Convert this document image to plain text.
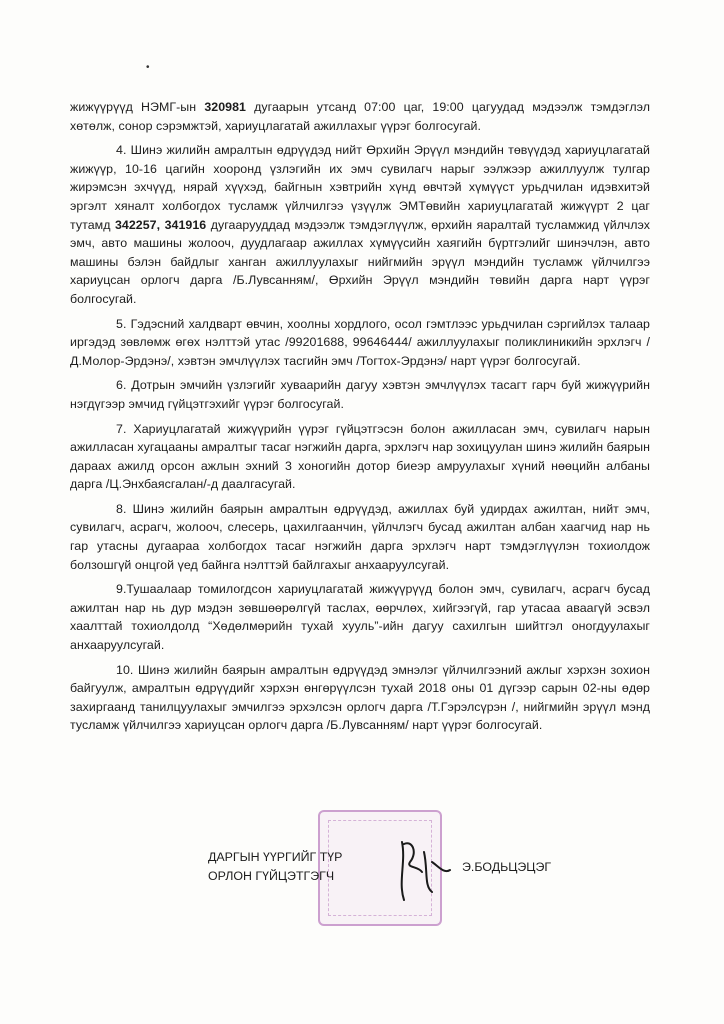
•

жижүүрүүд НЭМГ-ын 320981 дугаарын утсанд 07:00 цаг, 19:00 цагуудад мэдээлж тэмдэглэл хөтөлж, сонор сэрэмжтэй, хариуцлагатай ажиллахыг үүрэг болгосугай.

4. Шинэ жилийн амралтын өдрүүдэд нийт Өрхийн Эрүүл мэндийн төвүүдэд хариуцлагатай жижүүр, 10-16 цагийн хооронд үзлэгийн их эмч сувилагч нарыг ээлжээр ажиллуулж тулгар жирэмсэн эхчүүд, нярай хүүхэд, байгнын хэвтрийн хүнд өвчтэй хүмүүст урьдчилан идэвхитэй эргэлт хяналт холбогдох тусламж үйлчилгээ үзүүлж ЭМТөвийн хариуцлагатай жижүүрт 2 цаг тутамд 342257, 341916 дугаарууддад мэдээлж тэмдэглүүлж, өрхийн яаралтай тусламжид үйлчлэх эмч, авто машины жолооч, дуудлагаар ажиллах хүмүүсийн хаягийн бүртгэлийг шинэчлэн, авто машины бэлэн байдлыг ханган ажиллуулахыг нийгмийн эрүүл мэндийн тусламж үйлчилгээ хариуцсан орлогч дарга /Б.Лувсанням/, Өрхийн Эрүүл мэндийн төвийн дарга нарт үүрэг болгосугай.

5. Гэдэсний халдварт өвчин, хоолны хордлого, осол гэмтлээс урьдчилан сэргийлэх талаар иргэдэд зөвлөмж өгөх нэлттэй утас /99201688, 99646444/ ажиллуулахыг поликлиникийн эрхлэгч /Д.Молор-Эрдэнэ/, хэвтэн эмчлүүлэх тасгийн эмч /Тогтох-Эрдэнэ/ нарт үүрэг болгосугай.

6. Дотрын эмчийн үзлэгийг хуваарийн дагуу хэвтэн эмчлүүлэх тасагт гарч буй жижүүрийн нэгдүгээр эмчид гүйцэтгэхийг үүрэг болгосугай.

7. Хариуцлагатай жижүүрийн үүрэг гүйцэтгэсэн болон ажилласан эмч, сувилагч нарын ажилласан хугацааны амралтыг тасаг нэгжийн дарга, эрхлэгч нар зохицуулан шинэ жилийн баярын дараах ажилд орсон ажлын эхний 3 хоногийн дотор биеэр амруулахыг хүний нөөцийн албаны дарга /Ц.Энхбаясгалан/-д даалгасугай.

8. Шинэ жилийн баярын амралтын өдрүүдэд, ажиллах буй удирдах ажилтан, нийт эмч, сувилагч, асрагч, жолооч, слесерь, цахилгаанчин, үйлчлэгч бусад ажилтан албан хаагчид нар нь гар утасны дугаараа холбогдох тасаг нэгжийн дарга эрхлэгч нарт тэмдэглүүлэн тохиолдож болзошгүй онцгой үед байнга нэлттэй байлгахыг анхааруулсугай.

9.Тушаалаар томилогдсон хариуцлагатай жижүүрүүд болон эмч, сувилагч, асрагч бусад ажилтан нар нь дур мэдэн зөвшөөрөлгүй таслах, өөрчлөх, хийгээгүй, гар утасаа аваагүй эсвэл хаалттай тохиолдолд “Хөдөлмөрийн тухай хууль”-ийн дагуу сахилгын шийтгэл оногдуулахыг анхааруулсугай.

10. Шинэ жилийн баярын амралтын өдрүүдэд эмнэлэг үйлчилгээний ажлыг хэрхэн зохион байгуулж, амралтын өдрүүдийг хэрхэн өнгөрүүлсэн тухай 2018 оны 01 дүгээр сарын 02-ны өдөр захиргаанд танилцуулахыг эмчилгээ эрхэлсэн орлогч дарга /Т.Гэрэлсүрэн /, нийгмийн эрүүл мэнд тусламж үйлчилгээ хариуцсан орлогч дарга /Б.Лувсанням/ нарт үүрэг болгосугай.

ДАРГЫН ҮҮРГИЙГ ТҮР
ОРЛОН ГҮЙЦЭТГЭГЧ
Э.БОДЬЦЭЦЭГ
